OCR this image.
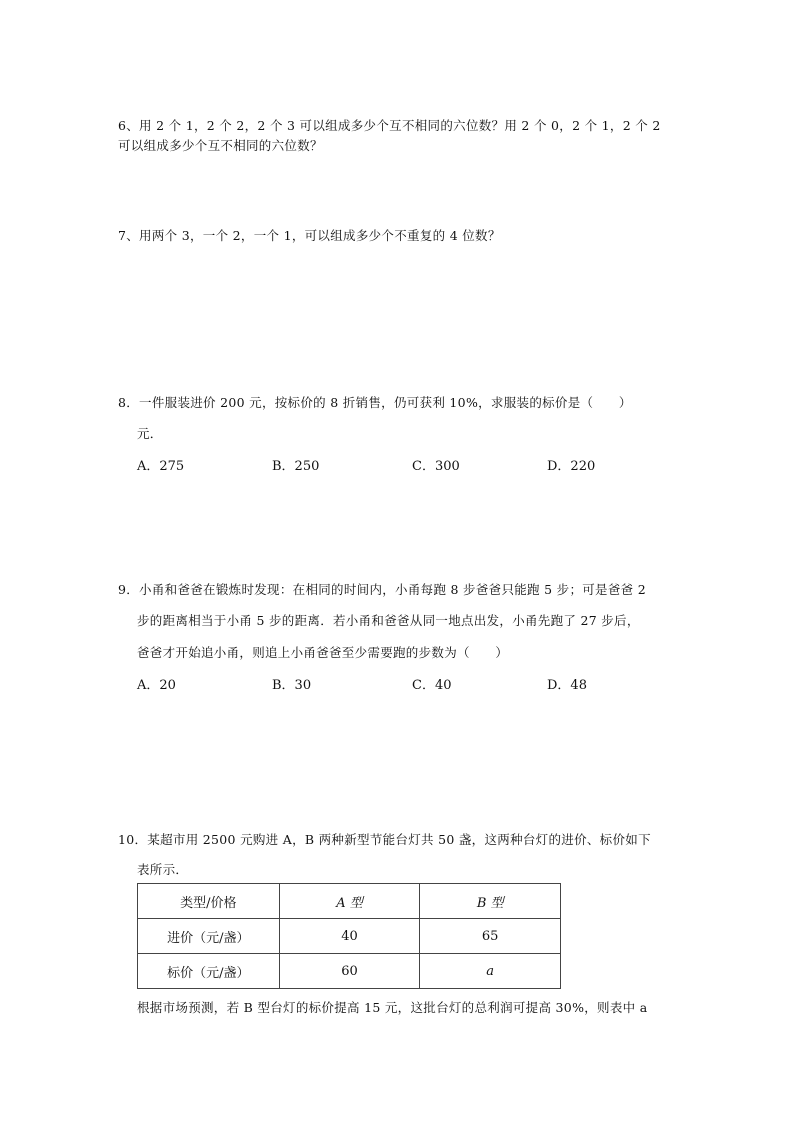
6、用 2 个 1，2 个 2，2 个 3 可以组成多少个互不相同的六位数？用 2 个 0，2 个 1，2 个 2
可以组成多少个互不相同的六位数？
7、用两个 3，一个 2，一个 1，可以组成多少个不重复的 4 位数？
8．一件服装进价 200 元，按标价的 8 折销售，仍可获利 10%，求服装的标价是（　　）
元．
A．275	B．250	C．300	D．220
9．小甬和爸爸在锻炼时发现：在相同的时间内，小甬每跑 8 步爸爸只能跑 5 步；可是爸爸 2
步的距离相当于小甬 5 步的距离．若小甬和爸爸从同一地点出发，小甬先跑了 27 步后，
爸爸才开始追小甬，则追上小甬爸爸至少需要跑的步数为（　　）
A．20	B．30	C．40	D．48
10．某超市用 2500 元购进 A，B 两种新型节能台灯共 50 盏，这两种台灯的进价、标价如下
表所示．
类型/价格	A 型	B 型
进价（元/盏）	40	65
标价（元/盏）	60	a
根据市场预测，若 B 型台灯的标价提高 15 元，这批台灯的总利润可提高 30%，则表中 a
